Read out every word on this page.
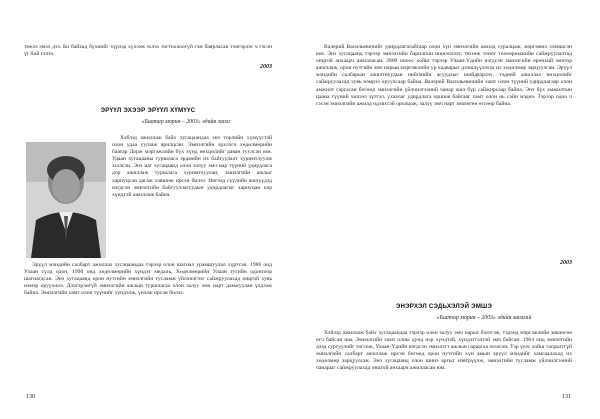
тежээ эмэл дээ. Би байхад бүхнийг хүрээд хүлээж эхлэх тогтоолоогүй гэж баярласан тэнгэрээс ч гэсэн үг бий гэлээ.

2003
ЭРҮҮЛ ЭХЭЭР ЭРҮҮЛ ХҮМҮҮС
«Баатар морин – 2003» эдийн засаг

Хэблэд ажиллаж байх хугацаандаа энэ төрлийн хүмүүстэй олон удаа уулзаж ярилцсан. Эмнэлгийн эрхлэгч хөдөлмөрийн баатар Дорж мэргэжлийн бүх хүнд нөхцөлийг даван туулсан юм. Удаан хугацааны туршлага эрдмийн их байгуулалт хуримтлуулж эхэлсэн. Энэ цаг хугацаанд олон залуу эмч нар түүний удирдлага дор ажиллаж туршлага хуримтлуулан, эмнэлгийн ажлыг хариуцсан дагаж хэвшиж ирсэн билээ. Ингээд сүүлийн жилүүдэд нэгдсэн эмнэлгийн байгууллагуудын удирдлагыг хариуцан нэр хүндтэй ажиллаж байна.

Эрүүл мэндийн салбарт ажиллах хугацаандаа тэрээр олон шагнал урамшуулал хүртсэн. 1986 онд Улаан сүлд одон, 1990 онд хөдөлмөрийн хүндэт медаль, Хөдөлмөрийн Улаан тугийн одонгоор шагнагдсан. Энэ хугацаанд орон нутгийн эмнэлгийн тусламж үйлчилгээг сайжруулахад онцгой хувь нэмэр оруулжээ. Дэлгэрэнгүй эмнэлгийн ажлын туршлагаа олон залуу эмч нарт дамжуулан үлдээж байна. Эмнэлгийн хамт олон түүнийг хүндэлж, үнэлж ирсэн билээ.

130

Валерий Васильевичийг удирдлагатайгаар олон хүн эмнэлгийн ажилд суралцаж, мэргэжил эзэмшсэн юм. Энэ хугацаанд тэрээр эмнэлгийн барилгын шинэчлэлт, техник тоног төхөөрөмжийн сайжруулалтад онцгой анхаарч ажилласан. 2000 оноос хойш тэрээр Улаан-Үдийн нэгдсэн эмнэлгийн ерөнхий эмчээр ажиллаж, орон нутгийн эмч нарын мэргэжлийн ур чадварыг дээшлүүлэхэд их хөдөлмөр зарцуулсан. Эрүүл мэндийн салбарын ажилтнуудын нийгмийн асуудлыг шийдвэрлэх, тэдний ажиллах нөхцөлийг сайжруулахад хувь нэмрээ оруулсаар байна. Валерий Васильевичийн хамт олон түүний удирдлагаар олон амжилт гаргасан бөгөөд эмнэлгийн үйлчилгээний чанар жил бүр сайжирсаар байна. Энэ бүх амжилтын цаана түүний хичээл зүтгэл, ухаалаг удирдлага оршиж байгааг хамт олон нь сайн мэднэ. Тэрээр одоо ч гэсэн эмнэлгийн ажилд идэвхтэй оролцож, залуу эмч нарт зөвлөгөө өгсөөр байна.

2003
ЭНЭРХЭЛ СЭДЬХЭЛЭЙ ЭМШЭ
«Баатар морин – 2003» эдийн засагай

Хэблэд ажиллаж байх хугацаандаа тэрээр олон залуу эмч нарыг бэлтгэж, тэдэнд мэргэжлийн зөвлөгөө өгч байсан юм. Эмнэлгийн хамт олны дунд нэр хүндтэй, хүндэтгэлтэй эмч байсан. 1964 онд эмнэлгийн дээд сургуулийг төгсөж, Улаан-Үдийн нэгдсэн эмнэлэгт ажлын гараагаа эхэлсэн. Тэр үеэс хойш тасралтгүй эмнэлгийн салбарт ажиллаж ирсэн бөгөөд орон нутгийн хүн амын эрүүл мэндийг хамгаалахад их хөдөлмөр зарцуулсан. Энэ хугацаанд олон шинэ аргыг нэвтрүүлж, эмнэлгийн тусламж үйлчилгээний чанарыг сайжруулахад онцгой анхаарч ажилласан юм.

131
